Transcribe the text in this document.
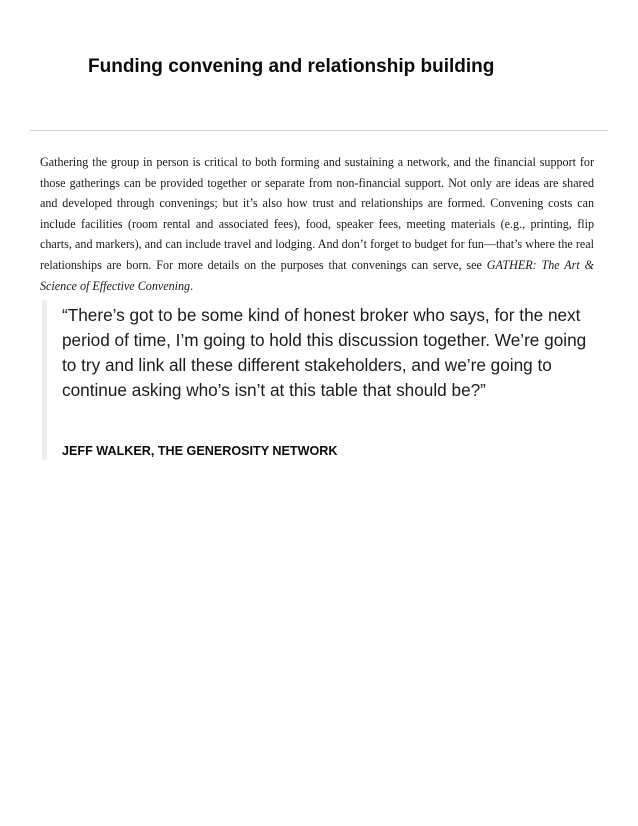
Funding convening and relationship building

Gathering the group in person is critical to both forming and sustaining a network, and the financial support for those gatherings can be provided together or separate from non-financial support. Not only are ideas are shared and developed through convenings; but it’s also how trust and relationships are formed. Convening costs can include facilities (room rental and associated fees), food, speaker fees, meeting materials (e.g., printing, flip charts, and markers), and can include travel and lodging. And don’t forget to budget for fun—that’s where the real relationships are born. For more details on the purposes that convenings can serve, see GATHER: The Art & Science of Effective Convening.

“There’s got to be some kind of honest broker who says, for the next period of time, I’m going to hold this discussion together. We’re going to try and link all these different stakeholders, and we’re going to continue asking who’s isn’t at this table that should be?”

JEFF WALKER, THE GENEROSITY NETWORK
